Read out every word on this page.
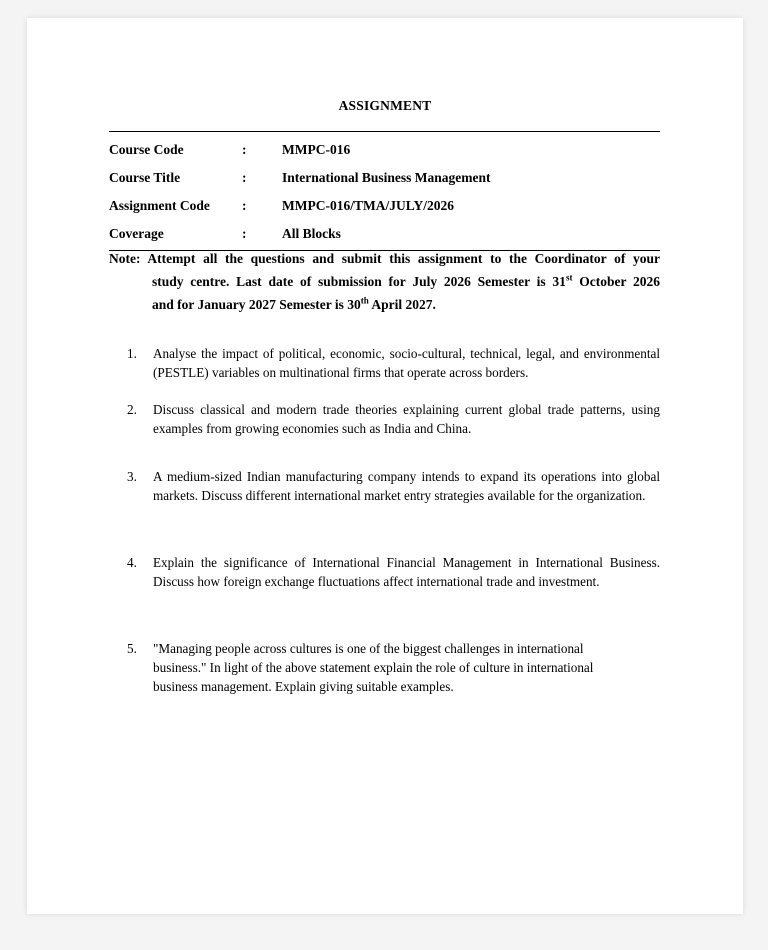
ASSIGNMENT
Course Code	:	MMPC-016
Course Title	:	International Business Management
Assignment Code	:	MMPC-016/TMA/JULY/2026
Coverage	:	All Blocks
Note: Attempt all the questions and submit this assignment to the Coordinator of your
study centre. Last date of submission for July 2026 Semester is 31st October 2026
and for January 2027 Semester is 30th April 2027.
1.	Analyse the impact of political, economic, socio-cultural, technical, legal, and environmental (PESTLE) variables on multinational firms that operate across borders.
2.	Discuss classical and modern trade theories explaining current global trade patterns, using examples from growing economies such as India and China.
3.	A medium-sized Indian manufacturing company intends to expand its operations into global markets. Discuss different international market entry strategies available for the organization.
4.	Explain the significance of International Financial Management in International Business. Discuss how foreign exchange fluctuations affect international trade and investment.
5.	"Managing people across cultures is one of the biggest challenges in international business." In light of the above statement explain the role of culture in international business management. Explain giving suitable examples.
